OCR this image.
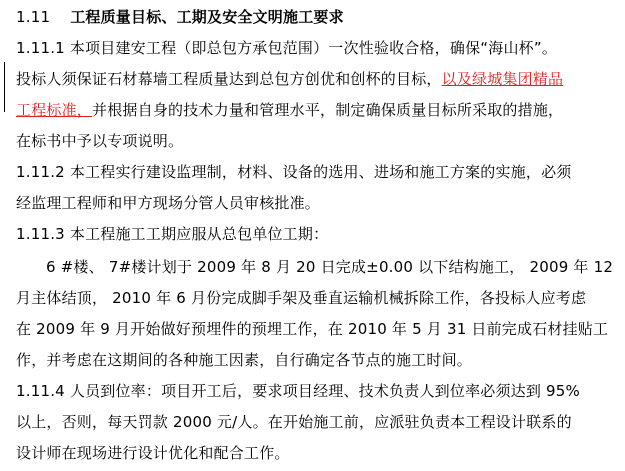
1.11 工程质量目标、工期及安全文明施工要求
1.11.1 本项目建安工程（即总包方承包范围）一次性验收合格，确保“海山杯”。
投标人须保证石材幕墙工程质量达到总包方创优和创杯的目标，以及绿城集团精品
工程标准，并根据自身的技术力量和管理水平，制定确保质量目标所采取的措施，
在标书中予以专项说明。
1.11.2 本工程实行建设监理制，材料、设备的选用、进场和施工方案的实施，必须
经监理工程师和甲方现场分管人员审核批准。
1.11.3 本工程施工工期应服从总包单位工期：
6 #楼、 7#楼计划于 2009 年 8 月 20 日完成±0.00 以下结构施工， 2009 年 12
月主体结顶， 2010 年 6 月份完成脚手架及垂直运输机械拆除工作，各投标人应考虑
在 2009 年 9 月开始做好预埋件的预埋工作，在 2010 年 5 月 31 日前完成石材挂贴工
作，并考虑在这期间的各种施工因素，自行确定各节点的施工时间。
1.11.4 人员到位率：项目开工后，要求项目经理、技术负责人到位率必须达到 95%
以上，否则，每天罚款 2000 元/人。在开始施工前，应派驻负责本工程设计联系的
设计师在现场进行设计优化和配合工作。
